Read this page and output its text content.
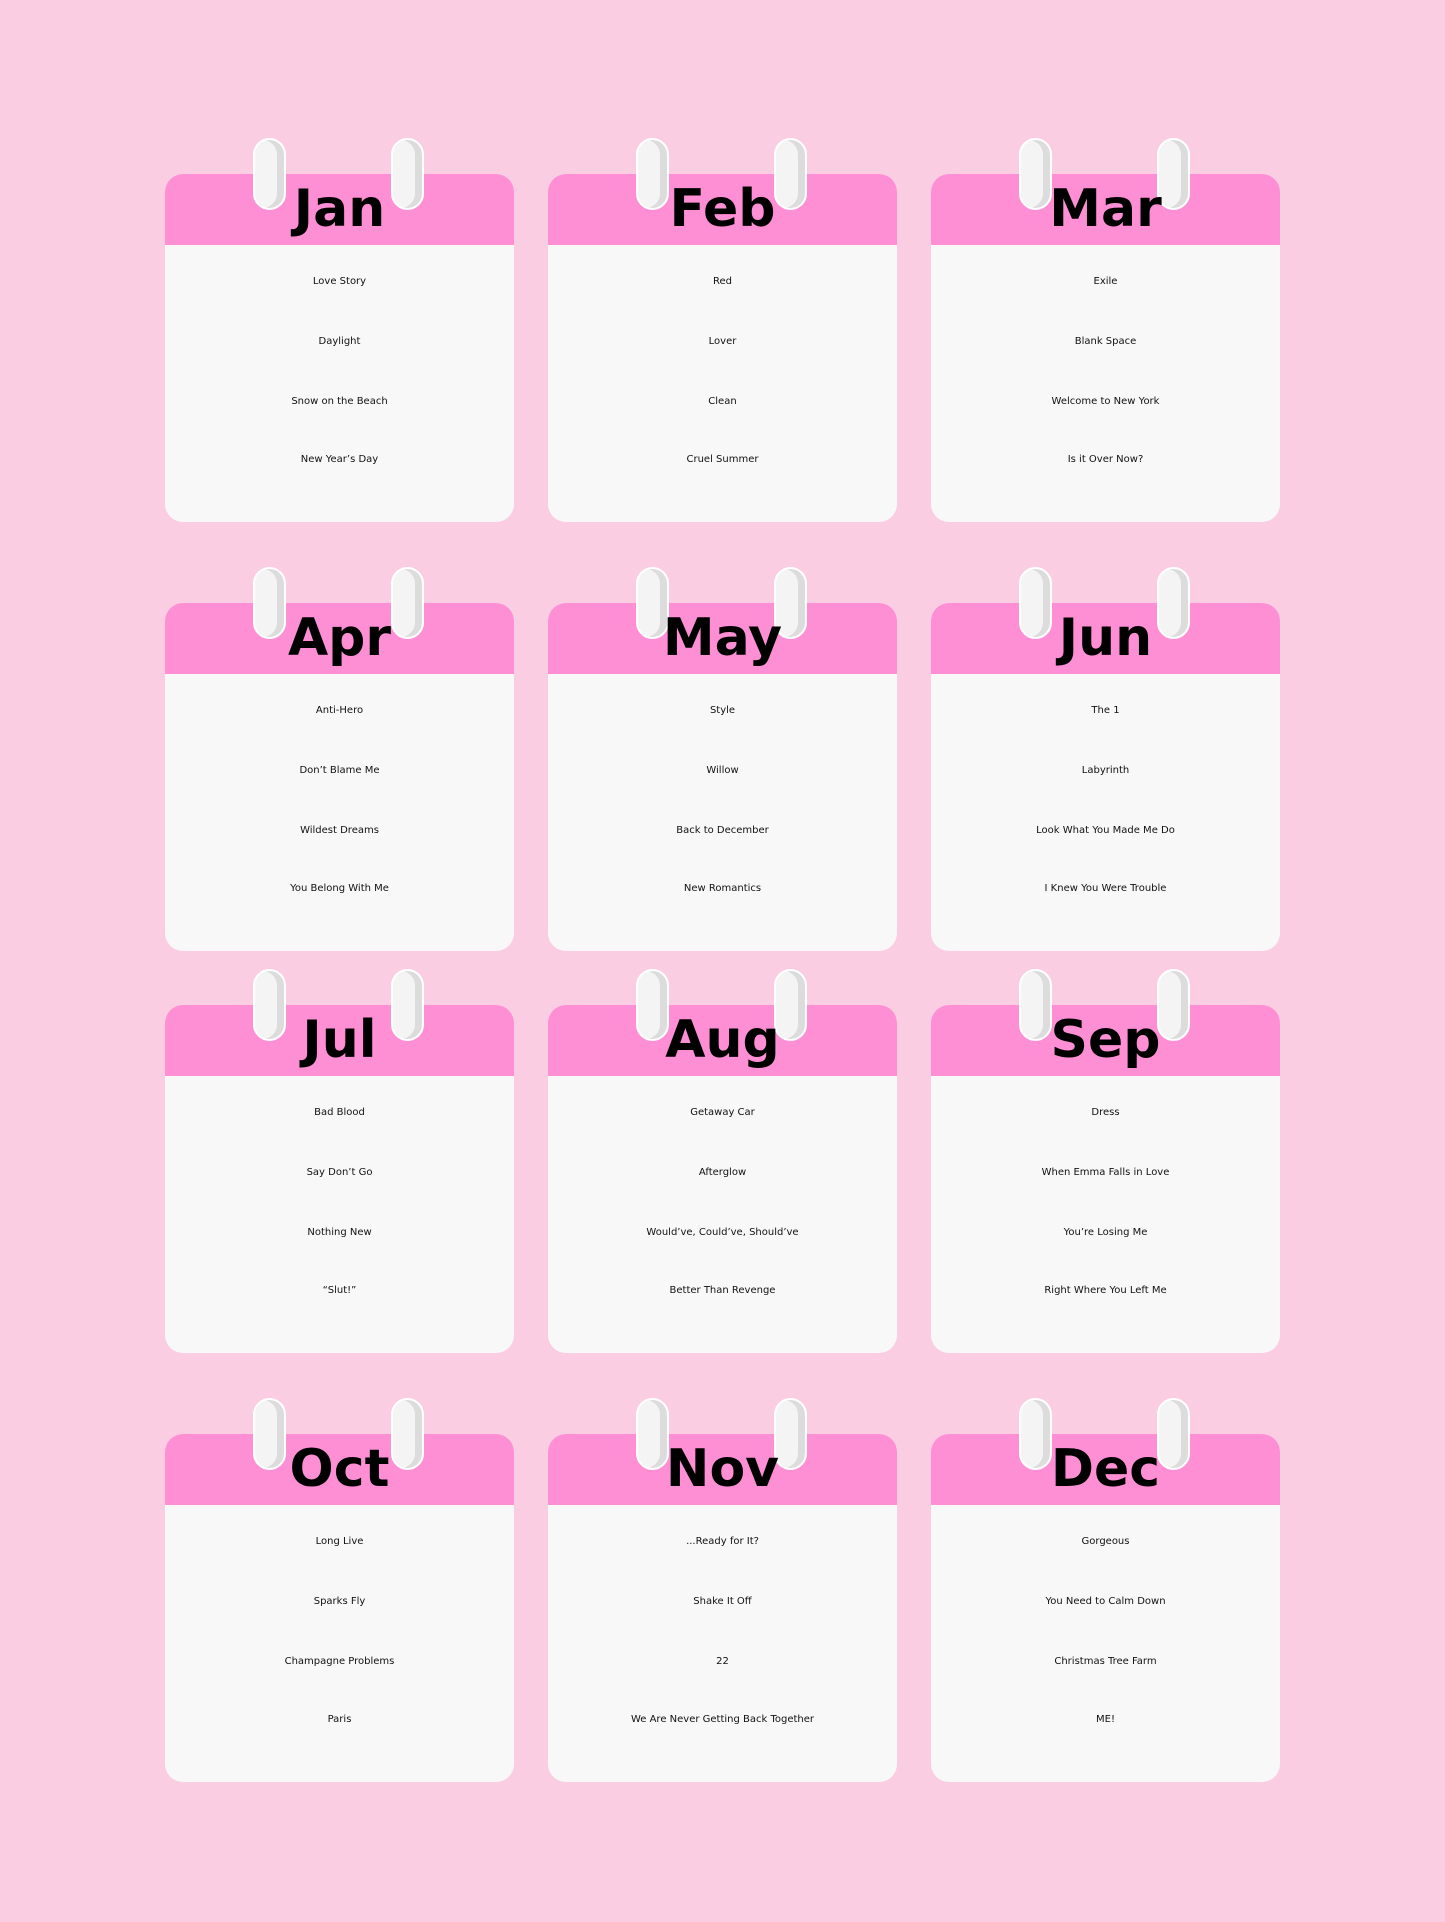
Jan
Love Story
Daylight
Snow on the Beach
New Year’s Day
Feb
Red
Lover
Clean
Cruel Summer
Mar
Exile
Blank Space
Welcome to New York
Is it Over Now?
Apr
Anti-Hero
Don’t Blame Me
Wildest Dreams
You Belong With Me
May
Style
Willow
Back to December
New Romantics
Jun
The 1
Labyrinth
Look What You Made Me Do
I Knew You Were Trouble
Jul
Bad Blood
Say Don’t Go
Nothing New
“Slut!”
Aug
Getaway Car
Afterglow
Would’ve, Could’ve, Should’ve
Better Than Revenge
Sep
Dress
When Emma Falls in Love
You’re Losing Me
Right Where You Left Me
Oct
Long Live
Sparks Fly
Champagne Problems
Paris
Nov
...Ready for It?
Shake It Off
22
We Are Never Getting Back Together
Dec
Gorgeous
You Need to Calm Down
Christmas Tree Farm
ME!
